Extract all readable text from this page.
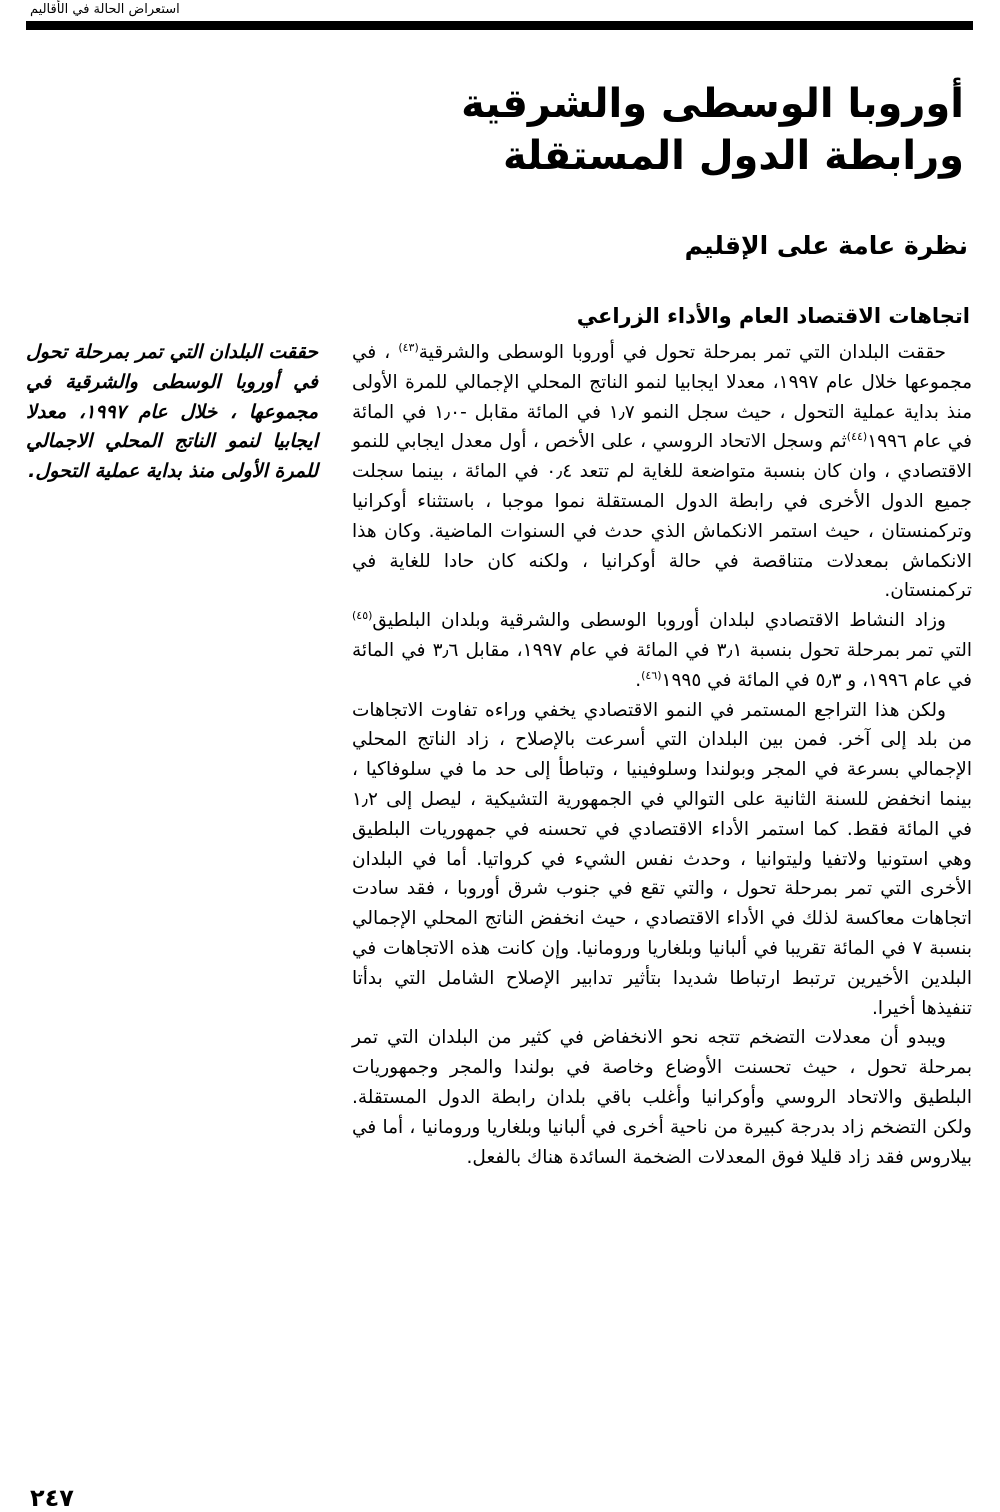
استعراض الحالة في الأقاليم
أوروبا الوسطى والشرقية
ورابطة الدول المستقلة
نظرة عامة على الإقليم
اتجاهات الاقتصاد العام والأداء الزراعي
حققت البلدان التي تمر بمرحلة تحول في أوروبا الوسطى والشرقية في مجموعها ، خلال عام ١٩٩٧، معدلا ايجابيا لنمو الناتج المحلي الاجمالي للمرة الأولى منذ بداية عملية التحول.

حققت البلدان التي تمر بمرحلة تحول في أوروبا الوسطى والشرقية$^{(٤٣)}$ ، في مجموعها خلال عام ١٩٩٧، معدلا ايجابيا لنمو الناتج المحلي الإجمالي للمرة الأولى منذ بداية عملية التحول ، حيث سجل النمو ١٫٧ في المائة مقابل -١٫٠ في المائة في عام ١٩٩٦$^{(٤٤)}$ثم وسجل الاتحاد الروسي ، على الأخص ، أول معدل ايجابي للنمو الاقتصادي ، وان كان بنسبة متواضعة للغاية لم تتعد ٠٫٤ في المائة ، بينما سجلت جميع الدول الأخرى في رابطة الدول المستقلة نموا موجبا ، باستثناء أوكرانيا وتركمنستان ، حيث استمر الانكماش الذي حدث في السنوات الماضية. وكان هذا الانكماش بمعدلات متناقصة في حالة أوكرانيا ، ولكنه كان حادا للغاية في تركمنستان.

وزاد النشاط الاقتصادي لبلدان أوروبا الوسطى والشرقية وبلدان البلطيق$^{(٤٥)}$ التي تمر بمرحلة تحول بنسبة ٣٫١ في المائة في عام ١٩٩٧، مقابل ٣٫٦ في المائة في عام ١٩٩٦، و ٥٫٣ في المائة في ١٩٩٥$^{(٤٦)}$.

ولكن هذا التراجع المستمر في النمو الاقتصادي يخفي وراءه تفاوت الاتجاهات من بلد إلى آخر. فمن بين البلدان التي أسرعت بالإصلاح ، زاد الناتج المحلي الإجمالي بسرعة في المجر وبولندا وسلوفينيا ، وتباطأ إلى حد ما في سلوفاكيا ، بينما انخفض للسنة الثانية على التوالي في الجمهورية التشيكية ، ليصل إلى ١٫٢ في المائة فقط. كما استمر الأداء الاقتصادي في تحسنه في جمهوريات البلطيق وهي استونيا ولاتفيا وليتوانيا ، وحدث نفس الشيء في كرواتيا. أما في البلدان الأخرى التي تمر بمرحلة تحول ، والتي تقع في جنوب شرق أوروبا ، فقد سادت اتجاهات معاكسة لذلك في الأداء الاقتصادي ، حيث انخفض الناتج المحلي الإجمالي بنسبة ٧ في المائة تقريبا في ألبانيا وبلغاريا ورومانيا. وإن كانت هذه الاتجاهات في البلدين الأخيرين ترتبط ارتباطا شديدا بتأثير تدابير الإصلاح الشامل التي بدأتا تنفيذها أخيرا.

ويبدو أن معدلات التضخم تتجه نحو الانخفاض في كثير من البلدان التي تمر بمرحلة تحول ، حيث تحسنت الأوضاع وخاصة في بولندا والمجر وجمهوريات البلطيق والاتحاد الروسي وأوكرانيا وأغلب باقي بلدان رابطة الدول المستقلة. ولكن التضخم زاد بدرجة كبيرة من ناحية أخرى في ألبانيا وبلغاريا ورومانيا ، أما في بيلاروس فقد زاد قليلا فوق المعدلات الضخمة السائدة هناك بالفعل.

٢٤٧
